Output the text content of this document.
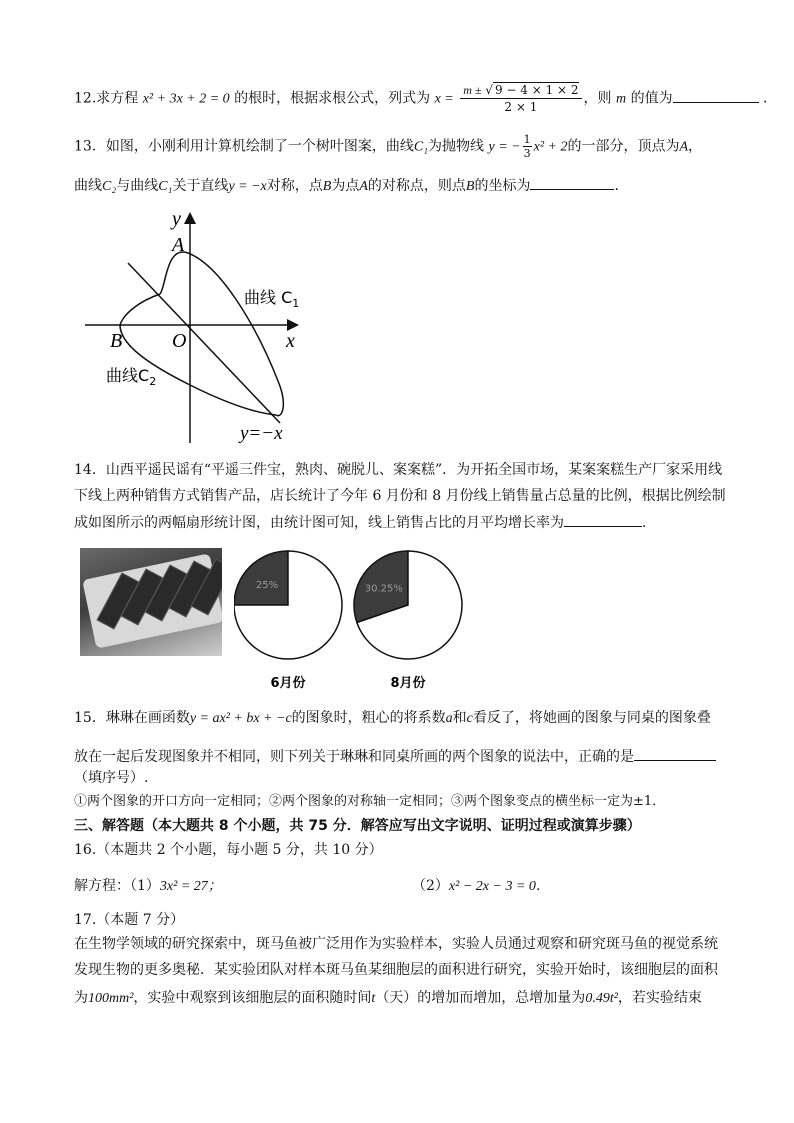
12.求方程 x² + 3x + 2 = 0 的根时，根据求根公式，列式为 $x = \frac{m \pm √ 9 - 4 \times 1 \times 2}{2 \times 1}$ ，则 m 的值为	.
13．如图，小刚利用计算机绘制了一个树叶图案，曲线C₁为抛物线 y = − $\frac{1}{3} x^2 + 2$的一部分，顶点为A，
曲线C₂与曲线C₁关于直线y = −x对称，点B为点A的对称点，则点B的坐标为	.
y
A
曲线 $C_1$
B O	x
曲线$C_2$
y=−x
14．山西平遥民谣有“平遥三件宝，熟肉、碗脱儿、案案糕”．为开拓全国市场，某案案糕生产厂家采用线
下线上两种销售方式销售产品，店长统计了今年 6 月份和 8 月份线上销售量占总量的比例，根据比例绘制
成如图所示的两幅扇形统计图，由统计图可知，线上销售占比的月平均增长率为	.
25%
6月份
30.25%
8月份
15．琳琳在画函数y = ax² + bx + −c的图象时，粗心的将系数a和c看反了，将她画的图象与同桌的图象叠
放在一起后发现图象并不相同，则下列关于琳琳和同桌所画的两个图象的说法中，正确的是
（填序号）.
①两个图象的开口方向一定相同；②两个图象的对称轴一定相同；③两个图象变点的横坐标一定为±1．
三、解答题（本大题共 8 个小题，共 75 分．解答应写出文字说明、证明过程或演算步骤）
16.（本题共 2 个小题，每小题 5 分，共 10 分）
解方程：（1）3x² = 27；	（2）x² − 2x − 3 = 0．
17.（本题 7 分）
在生物学领域的研究探索中，斑马鱼被广泛用作为实验样本，实验人员通过观察和研究斑马鱼的视觉系统
发现生物的更多奥秘．某实验团队对样本斑马鱼某细胞层的面积进行研究，实验开始时，该细胞层的面积
为100mm²，实验中观察到该细胞层的面积随时间t（天）的增加而增加，总增加量为0.49t²，若实验结束
